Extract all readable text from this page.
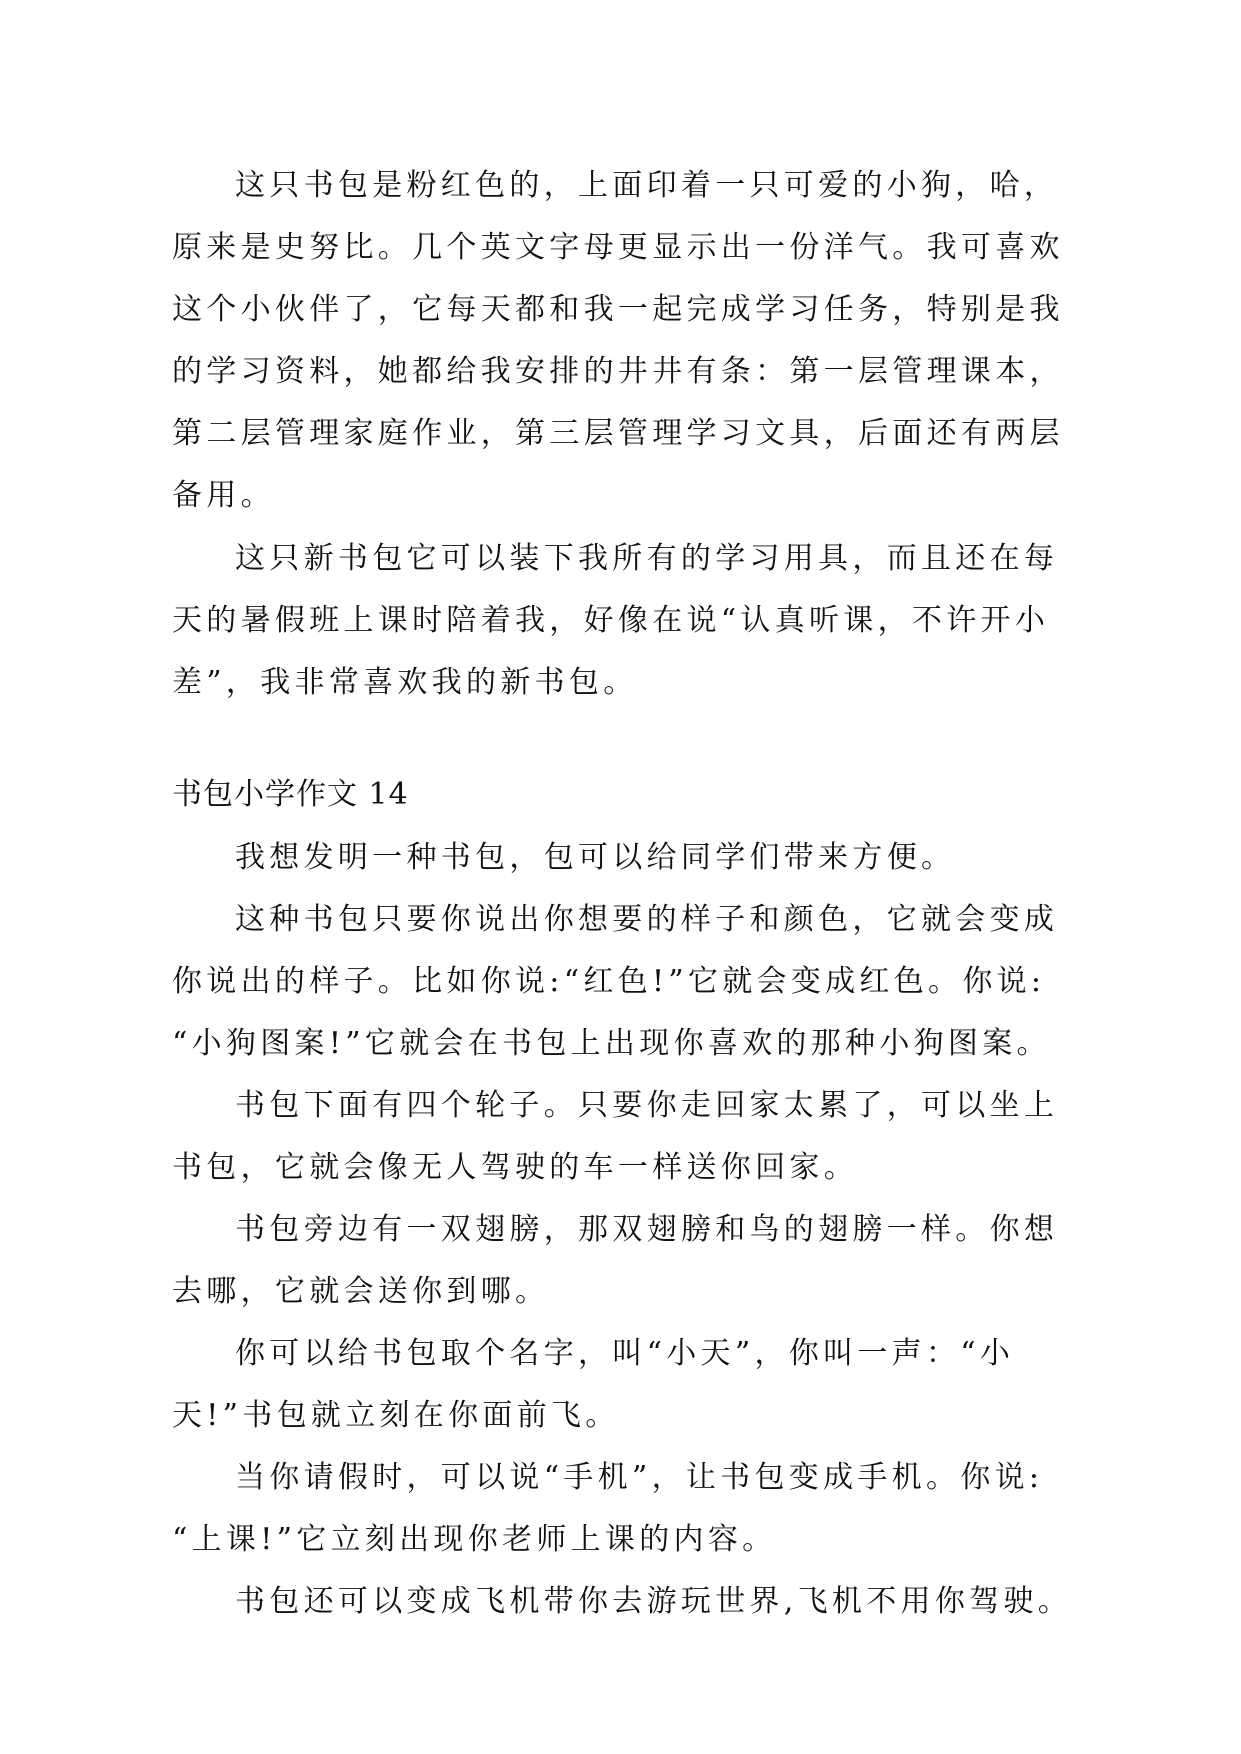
这只书包是粉红色的，上面印着一只可爱的小狗，哈，
原来是史努比。几个英文字母更显示出一份洋气。我可喜欢
这个小伙伴了，它每天都和我一起完成学习任务，特别是我
的学习资料，她都给我安排的井井有条：第一层管理课本，
第二层管理家庭作业，第三层管理学习文具，后面还有两层
备用。
这只新书包它可以装下我所有的学习用具，而且还在每
天的暑假班上课时陪着我，好像在说“认真听课，不许开小
差”，我非常喜欢我的新书包。
书包小学作文 14
我想发明一种书包，包可以给同学们带来方便。
这种书包只要你说出你想要的样子和颜色，它就会变成
你说出的样子。比如你说:“红色!”它就会变成红色。你说:
“小狗图案!”它就会在书包上出现你喜欢的那种小狗图案。
书包下面有四个轮子。只要你走回家太累了，可以坐上
书包，它就会像无人驾驶的车一样送你回家。
书包旁边有一双翅膀，那双翅膀和鸟的翅膀一样。你想
去哪，它就会送你到哪。
你可以给书包取个名字，叫“小天”，你叫一声：“小
天!”书包就立刻在你面前飞。
当你请假时，可以说“手机”，让书包变成手机。你说:
“上课!”它立刻出现你老师上课的内容。
书包还可以变成飞机带你去游玩世界,飞机不用你驾驶。
